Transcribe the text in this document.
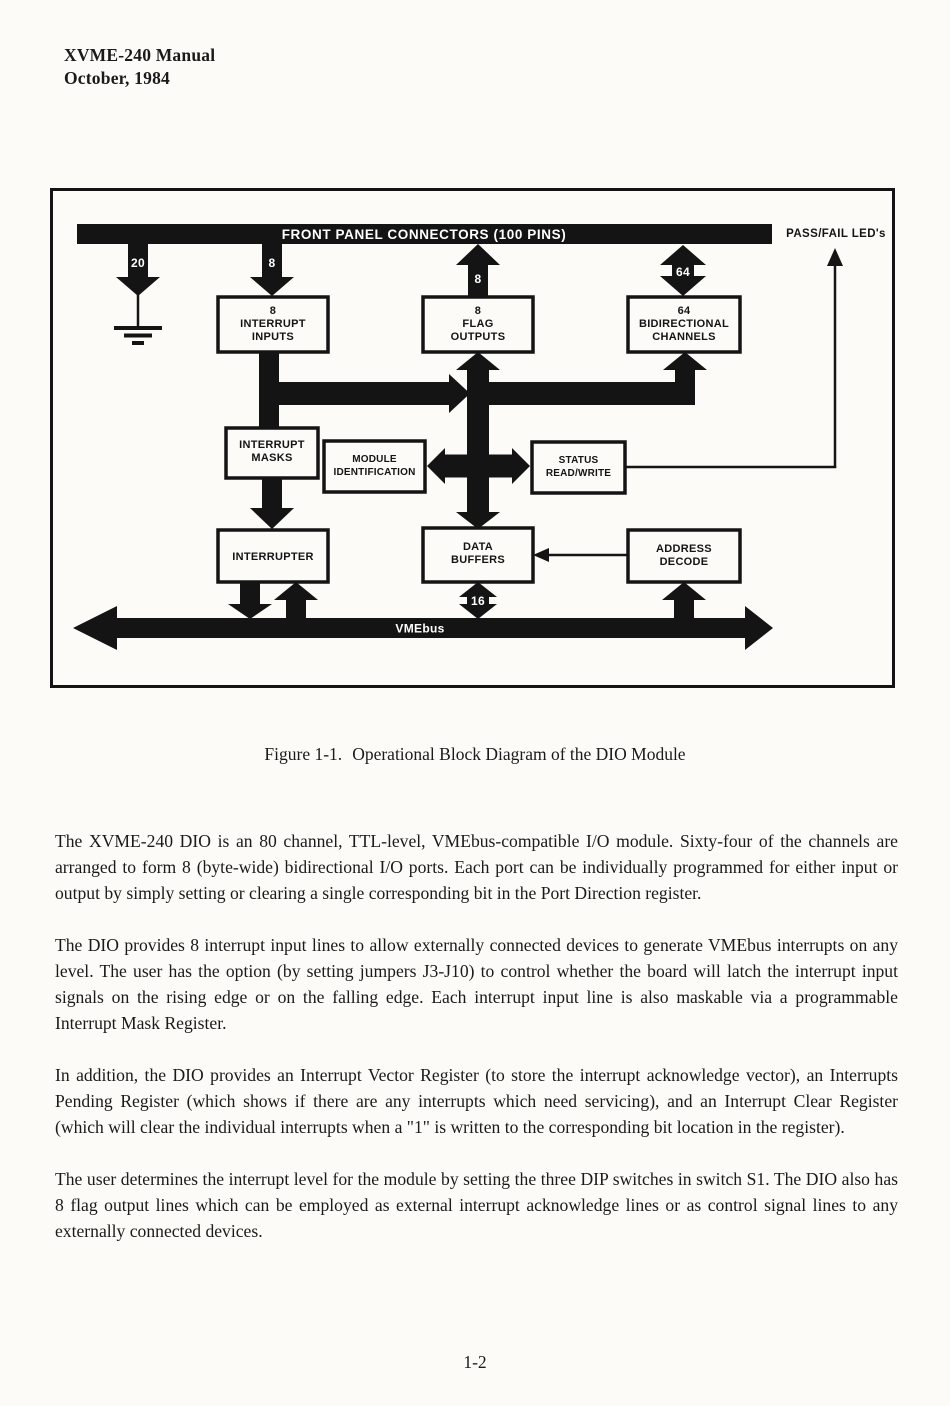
XVME-240 Manual
October, 1984
FRONT PANEL CONNECTORS (100 PINS)	PASS/FAIL LED's
20	8
8	64
8
INTERRUPT
INPUTS
8
FLAG
OUTPUTS
64
BIDIRECTIONAL
CHANNELS
INTERRUPT
MASKS	MODULE
IDENTIFICATION
STATUS
READ/WRITE
INTERRUPTER
DATA
BUFFERS
ADDRESS
DECODE
16
VMEbus
Figure 1-1. Operational Block Diagram of the DIO Module

The XVME-240 DIO is an 80 channel, TTL-level, VMEbus-compatible I/O module. Sixty-four of the channels are arranged to form 8 (byte-wide) bidirectional I/O ports. Each port can be individually programmed for either input or output by simply setting or clearing a single corresponding bit in the Port Direction register.

The DIO provides 8 interrupt input lines to allow externally connected devices to generate VMEbus interrupts on any level. The user has the option (by setting jumpers J3-J10) to control whether the board will latch the interrupt input signals on the rising edge or on the falling edge. Each interrupt input line is also maskable via a programmable Interrupt Mask Register.

In addition, the DIO provides an Interrupt Vector Register (to store the interrupt acknowledge vector), an Interrupts Pending Register (which shows if there are any interrupts which need servicing), and an Interrupt Clear Register (which will clear the individual interrupts when a "1" is written to the corresponding bit location in the register).

The user determines the interrupt level for the module by setting the three DIP switches in switch S1. The DIO also has 8 flag output lines which can be employed as external interrupt acknowledge lines or as control signal lines to any externally connected devices.

1-2
